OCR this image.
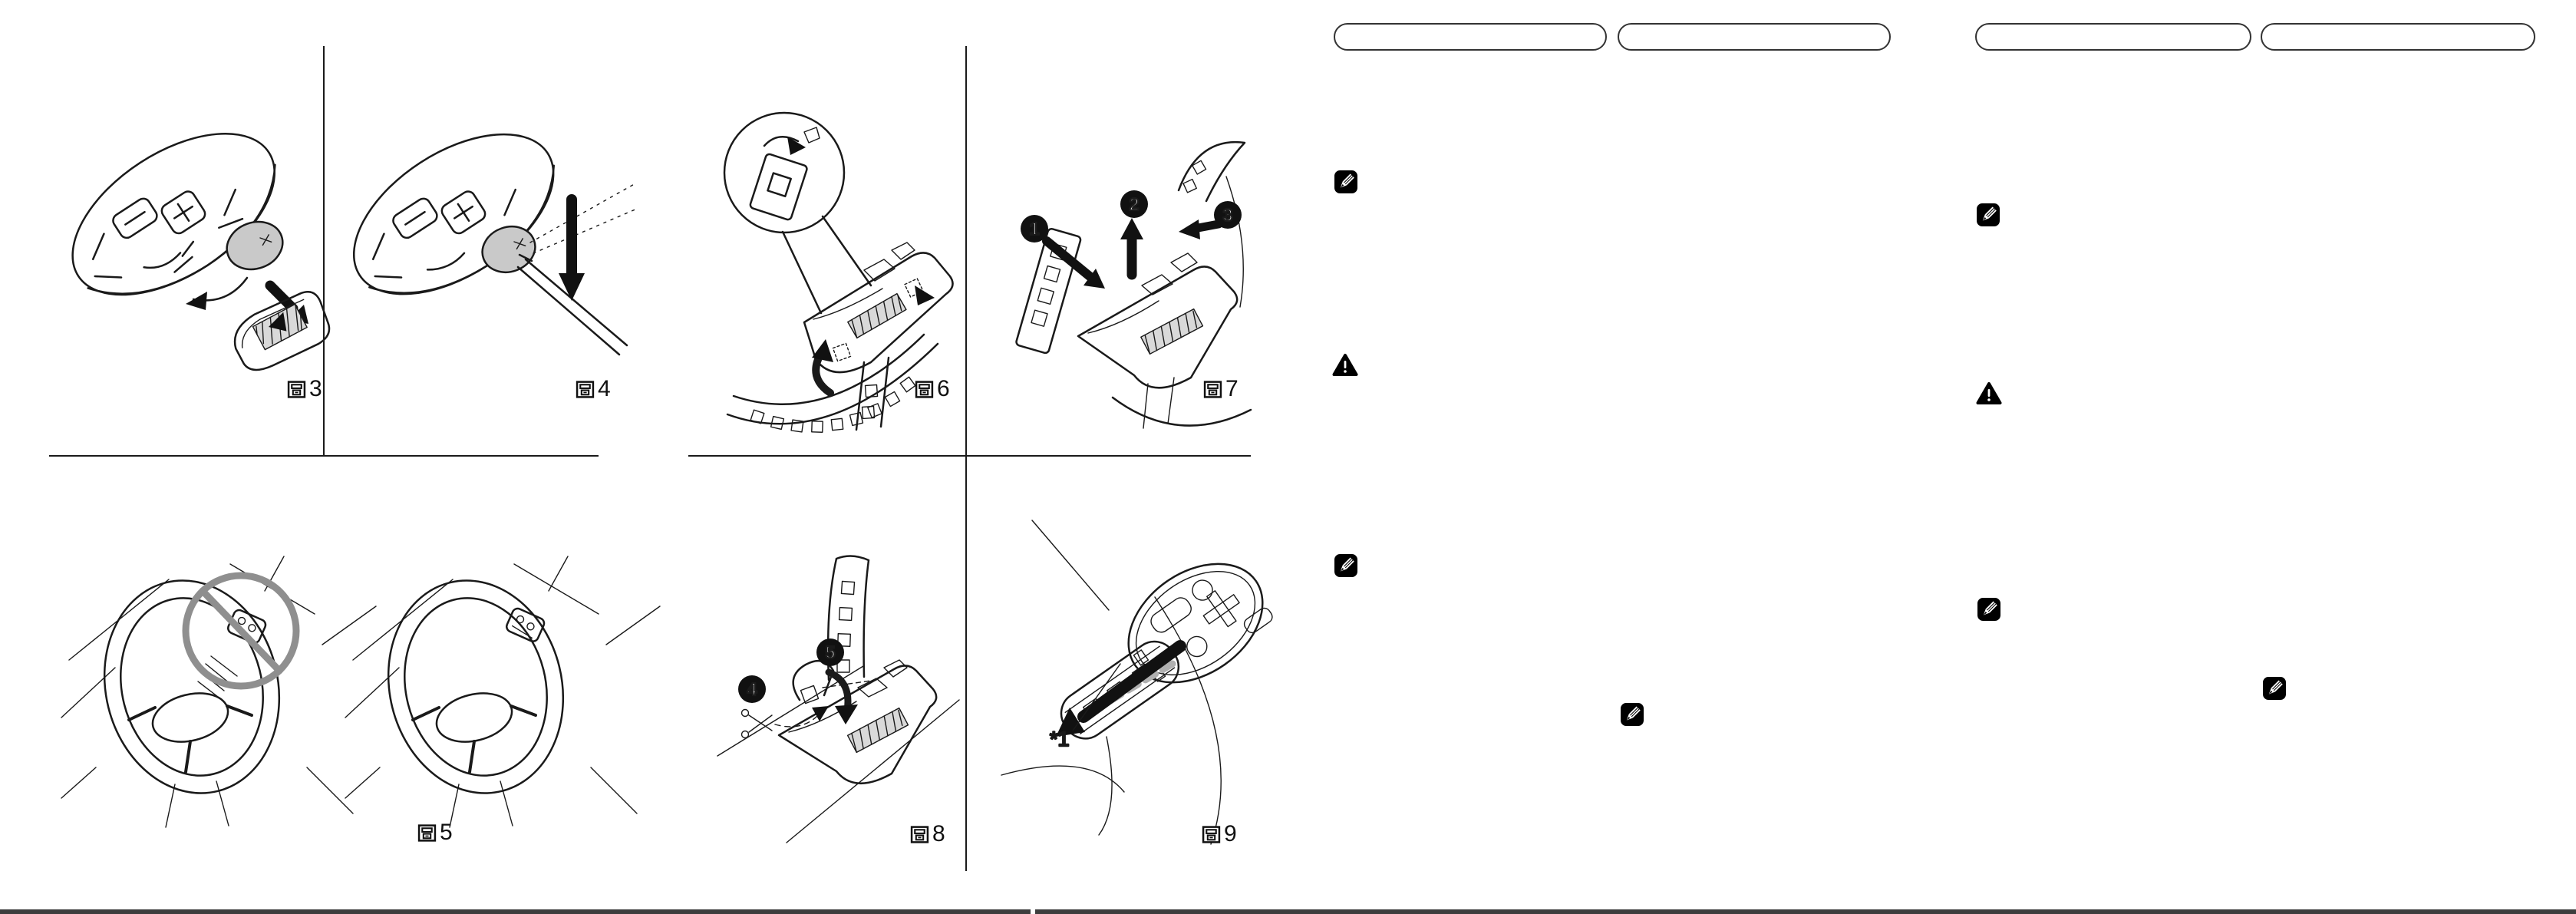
1
2
3
4
5
*1
3	4	6	7
5	8	9
